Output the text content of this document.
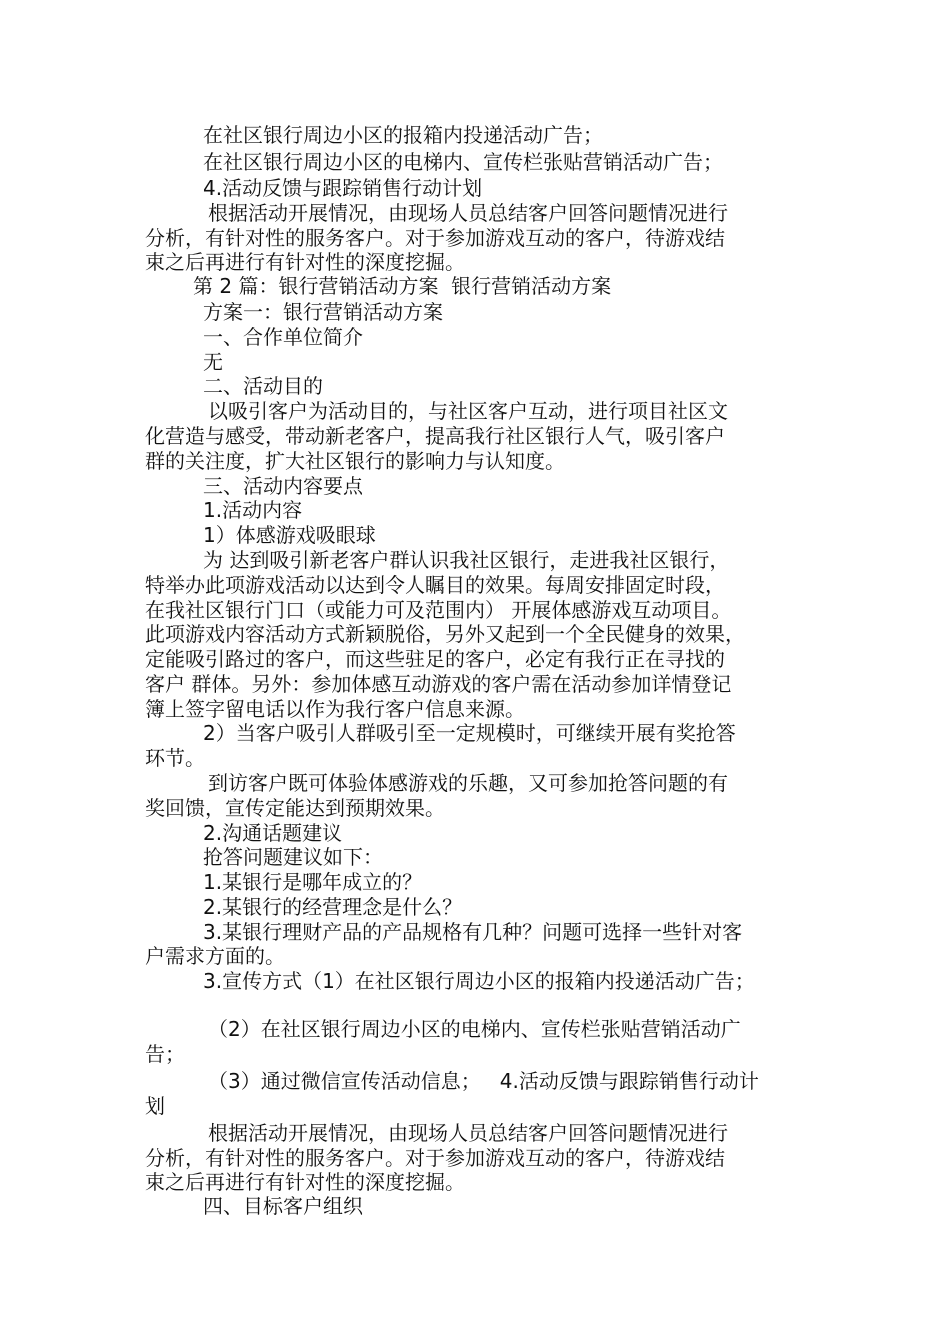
在社区银行周边小区的报箱内投递活动广告；
在社区银行周边小区的电梯内、宣传栏张贴营销活动广告；
4.活动反馈与跟踪销售行动计划
根据活动开展情况，由现场人员总结客户回答问题情况进行
分析，有针对性的服务客户。对于参加游戏互动的客户，待游戏结
束之后再进行有针对性的深度挖掘。
第 2 篇：银行营销活动方案  银行营销活动方案
方案一：银行营销活动方案
一、合作单位简介
无
二、活动目的
以吸引客户为活动目的，与社区客户互动，进行项目社区文
化营造与感受，带动新老客户，提高我行社区银行人气，吸引客户
群的关注度，扩大社区银行的影响力与认知度。
三、活动内容要点
1.活动内容
1）体感游戏吸眼球
为 达到吸引新老客户群认识我社区银行，走进我社区银行，
特举办此项游戏活动以达到令人瞩目的效果。每周安排固定时段，
在我社区银行门口（或能力可及范围内） 开展体感游戏互动项目。
此项游戏内容活动方式新颖脱俗，另外又起到一个全民健身的效果，
定能吸引路过的客户，而这些驻足的客户，必定有我行正在寻找的
客户 群体。另外：参加体感互动游戏的客户需在活动参加详情登记
簿上签字留电话以作为我行客户信息来源。
2）当客户吸引人群吸引至一定规模时，可继续开展有奖抢答
环节。
到访客户既可体验体感游戏的乐趣，又可参加抢答问题的有
奖回馈，宣传定能达到预期效果。
2.沟通话题建议
抢答问题建议如下：
1.某银行是哪年成立的？
2.某银行的经营理念是什么？
3.某银行理财产品的产品规格有几种？问题可选择一些针对客
户需求方面的。
3.宣传方式（1）在社区银行周边小区的报箱内投递活动广告；
（2）在社区银行周边小区的电梯内、宣传栏张贴营销活动广
告；
（3）通过微信宣传活动信息；   4.活动反馈与跟踪销售行动计
划
根据活动开展情况，由现场人员总结客户回答问题情况进行
分析，有针对性的服务客户。对于参加游戏互动的客户，待游戏结
束之后再进行有针对性的深度挖掘。
四、目标客户组织
